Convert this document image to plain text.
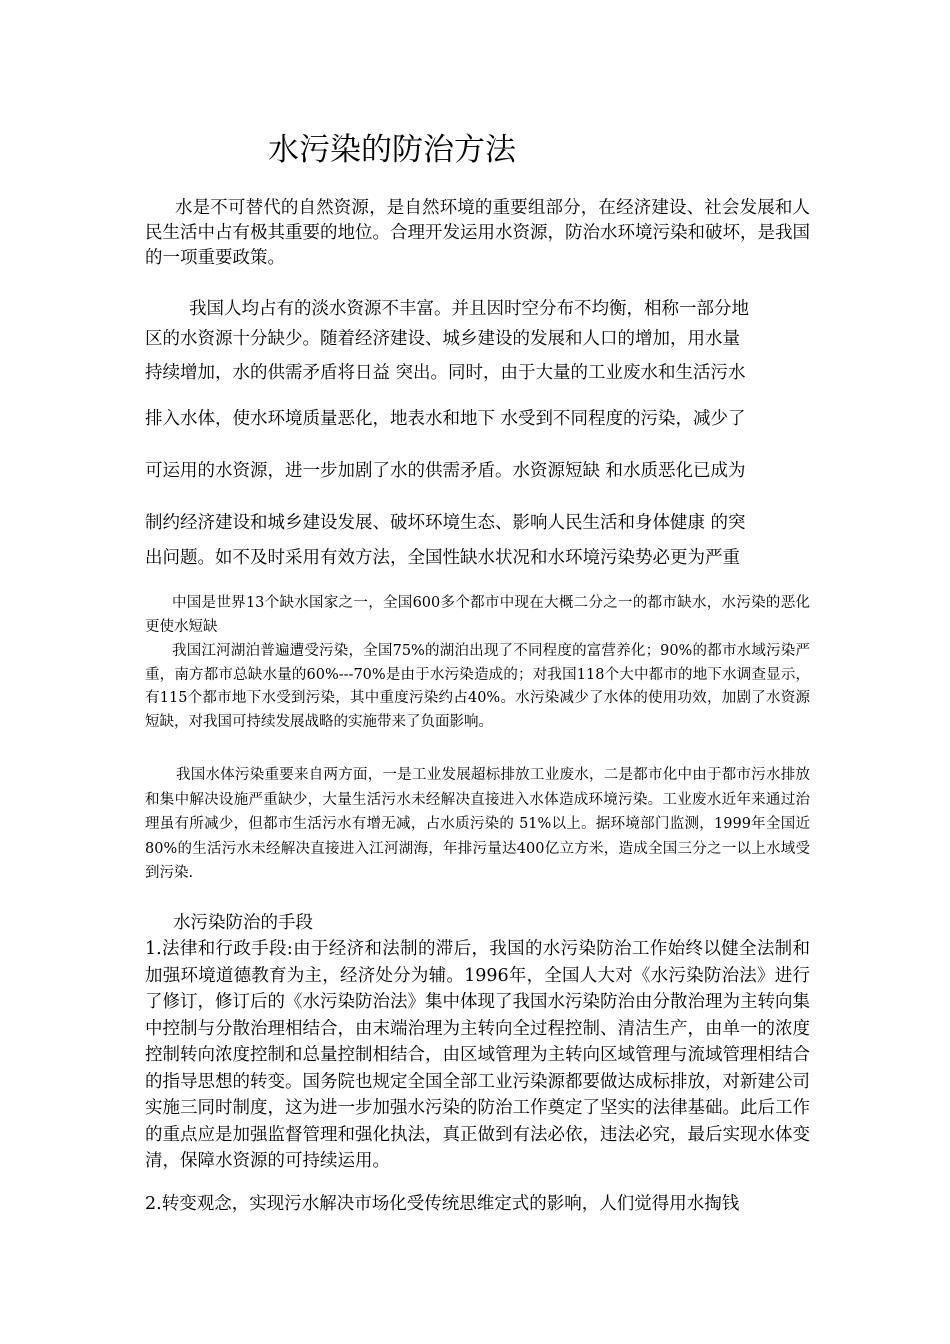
水污染的防治方法
水是不可替代的自然资源，是自然环境的重要组部分，在经济建设、社会发展和人民生活中占有极其重要的地位。合理开发运用水资源，防治水环境污染和破坏，是我国的一项重要政策。
我国人均占有的淡水资源不丰富。并且因时空分布不均衡，相称一部分地
区的水资源十分缺少。随着经济建设、城乡建设的发展和人口的增加，用水量
持续增加，水的供需矛盾将日益 突出。同时，由于大量的工业废水和生活污水
排入水体，使水环境质量恶化，地表水和地下 水受到不同程度的污染，减少了
可运用的水资源，进一步加剧了水的供需矛盾。水资源短缺 和水质恶化已成为
制约经济建设和城乡建设发展、破坏环境生态、影响人民生活和身体健康 的突
出问题。如不及时采用有效方法，全国性缺水状况和水环境污染势必更为严重
中国是世界13个缺水国家之一，全国600多个都市中现在大概二分之一的都市缺水，水污染的恶化更使水短缺
我国江河湖泊普遍遭受污染，全国75%的湖泊出现了不同程度的富营养化；90%的都市水域污染严重，南方都市总缺水量的60%---70%是由于水污染造成的；对我国118个大中都市的地下水调查显示，有115个都市地下水受到污染，其中重度污染约占40%。水污染减少了水体的使用功效，加剧了水资源短缺，对我国可持续发展战略的实施带来了负面影响。
我国水体污染重要来自两方面，一是工业发展超标排放工业废水，二是都市化中由于都市污水排放和集中解决设施严重缺少，大量生活污水未经解决直接进入水体造成环境污染。工业废水近年来通过治理虽有所减少，但都市生活污水有增无减，占水质污染的 51%以上。据环境部门监测，1999年全国近80%的生活污水未经解决直接进入江河湖海，年排污量达400亿立方米，造成全国三分之一以上水域受到污染.
水污染防治的手段
1.法律和行政手段:由于经济和法制的滞后，我国的水污染防治工作始终以健全法制和加强环境道德教育为主，经济处分为辅。1996年，全国人大对《水污染防治法》进行了修订，修订后的《水污染防治法》集中体现了我国水污染防治由分散治理为主转向集中控制与分散治理相结合，由末端治理为主转向全过程控制、清洁生产，由单一的浓度控制转向浓度控制和总量控制相结合，由区域管理为主转向区域管理与流域管理相结合的指导思想的转变。国务院也规定全国全部工业污染源都要做达成标排放，对新建公司实施三同时制度，这为进一步加强水污染的防治工作奠定了坚实的法律基础。此后工作的重点应是加强监督管理和强化执法，真正做到有法必依，违法必究，最后实现水体变清，保障水资源的可持续运用。
2.转变观念，实现污水解决市场化受传统思维定式的影响，人们觉得用水掏钱
